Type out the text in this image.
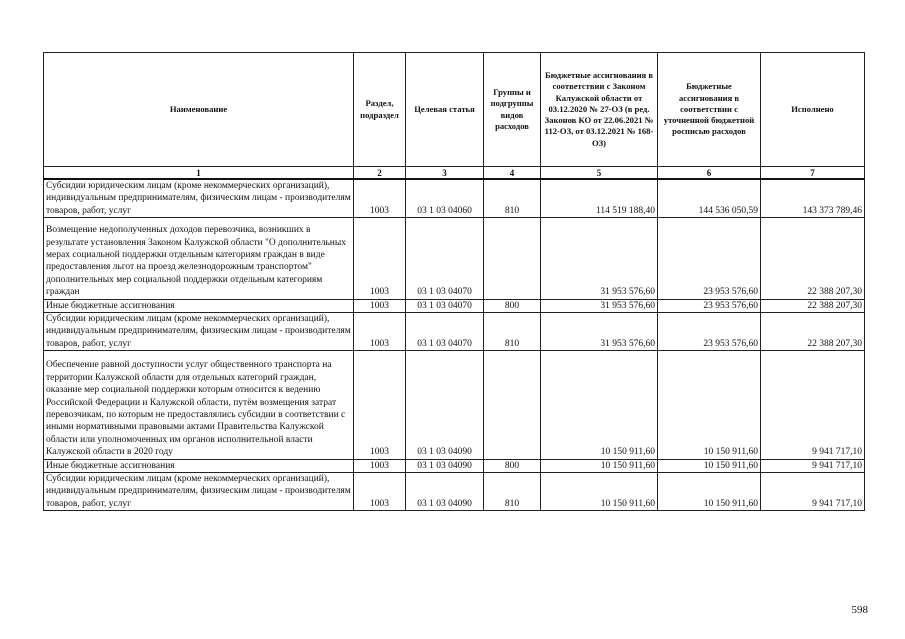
Наименование	Раздел, подраздел	Целевая статья	Группы и подгруппы видов расходов	Бюджетные ассигнования в соответствии с Законом Калужской области от 03.12.2020 № 27-ОЗ (в ред. Законов КО от 22.06.2021 № 112-ОЗ, от 03.12.2021 № 168-ОЗ)	Бюджетные ассигнования в соответствии с уточненной бюджетной росписью расходов	Исполнено
1	2	3	4	5	6	7
Субсидии юридическим лицам (кроме некоммерческих организаций), индивидуальным предпринимателям, физическим лицам - производителям товаров, работ, услуг	1003	03 1 03 04060	810	114 519 188,40	144 536 050,59	143 373 789,46
Возмещение недополученных доходов перевозчика, возникших в результате установления Законом Калужской области "О дополнительных мерах социальной поддержки отдельным категориям граждан в виде предоставления льгот на проезд железнодорожным транспортом" дополнительных мер социальной поддержки отдельным категориям граждан	1003	03 1 03 04070		31 953 576,60	23 953 576,60	22 388 207,30
Иные бюджетные ассигнования	1003	03 1 03 04070	800	31 953 576,60	23 953 576,60	22 388 207,30
Субсидии юридическим лицам (кроме некоммерческих организаций), индивидуальным предпринимателям, физическим лицам - производителям товаров, работ, услуг	1003	03 1 03 04070	810	31 953 576,60	23 953 576,60	22 388 207,30
Обеспечение равной доступности услуг общественного транспорта на территории Калужской области для отдельных категорий граждан, оказание мер социальной поддержки которым относится к ведению Российской Федерации и Калужской области, путём возмещения затрат перевозчикам, по которым не предоставлялись субсидии в соответствии с иными нормативными правовыми актами Правительства Калужской области или уполномоченных им органов исполнительной власти Калужской области в 2020 году	1003	03 1 03 04090		10 150 911,60	10 150 911,60	9 941 717,10
Иные бюджетные ассигнования	1003	03 1 03 04090	800	10 150 911,60	10 150 911,60	9 941 717,10
Субсидии юридическим лицам (кроме некоммерческих организаций), индивидуальным предпринимателям, физическим лицам - производителям товаров, работ, услуг	1003	03 1 03 04090	810	10 150 911,60	10 150 911,60	9 941 717,10
598
